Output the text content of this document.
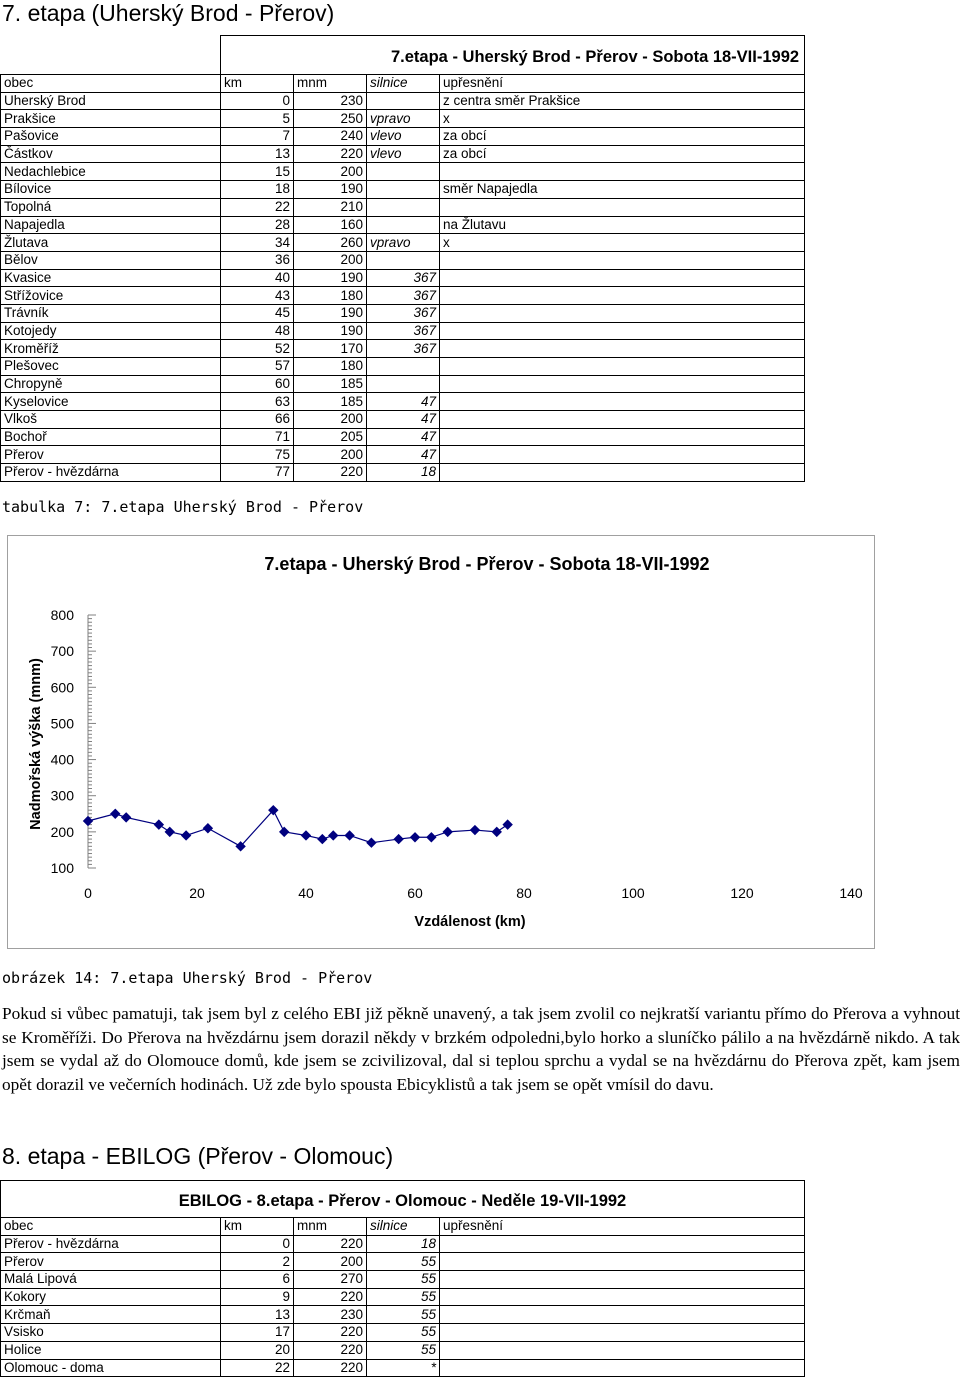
7. etapa (Uherský Brod - Přerov)
	7.etapa - Uherský Brod - Přerov - Sobota 18-VII-1992			
obec	km	mnm	silnice	upřesnění
Uherský Brod	0	230		z centra směr Prakšice
Prakšice	5	250	vpravo	x
Pašovice	7	240	vlevo	za obcí
Částkov	13	220	vlevo	za obcí
Nedachlebice	15	200		
Bílovice	18	190		směr Napajedla
Topolná	22	210		
Napajedla	28	160		na Žlutavu
Žlutava	34	260	vpravo	x
Bělov	36	200		
Kvasice	40	190	367	
Střížovice	43	180	367	
Trávník	45	190	367	
Kotojedy	48	190	367	
Kroměříž	52	170	367	
Plešovec	57	180		
Chropyně	60	185		
Kyselovice	63	185	47	
Vlkoš	66	200	47	
Bochoř	71	205	47	
Přerov	75	200	47	
Přerov - hvězdárna	77	220	18	
tabulka 7: 7.etapa Uherský Brod - Přerov
7.etapa - Uherský Brod - Přerov - Sobota 18-VII-1992
100
200
300
400
500
600
700
800
0	20	40	60	80	100	120	140
Vzdálenost (km)
Nadmořská výška (mnm)
obrázek 14: 7.etapa Uherský Brod - Přerov
Pokud si vůbec pamatuji, tak jsem byl z celého EBI již pěkně unavený, a tak jsem zvolil co nejkratší variantu přímo do Přerova a vyhnout se Kroměříži. Do Přerova na hvězdárnu jsem dorazil někdy v brzkém odpoledni,bylo horko a sluníčko pálilo a na hvězdárně nikdo. A tak jsem se vydal až do Olomouce domů, kde jsem se zcivilizoval, dal si teplou sprchu a vydal se na hvězdárnu do Přerova zpět, kam jsem opět dorazil ve večerních hodinách. Už zde bylo spousta Ebicyklistů a tak jsem se opět vmísil do davu.
8. etapa - EBILOG (Přerov - Olomouc)
EBILOG - 8.etapa - Přerov - Olomouc - Neděle 19-VII-1992				
obec	km	mnm	silnice	upřesnění
Přerov - hvězdárna	0	220	18	
Přerov	2	200	55	
Malá Lipová	6	270	55	
Kokory	9	220	55	
Krčmaň	13	230	55	
Vsisko	17	220	55	
Holice	20	220	55	
Olomouc - doma	22	220	*	
